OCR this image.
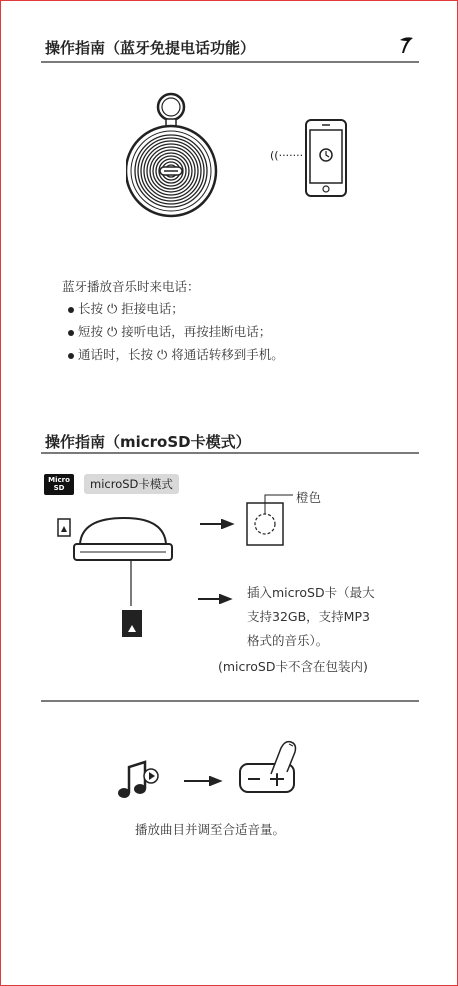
操作指南（蓝牙免提电话功能）
((·······
蓝牙播放音乐时来电话：
长按 ⏻ 拒接电话；
短按 ⏻ 接听电话，再按挂断电话；
通话时，长按 ⏻ 将通话转移到手机。
操作指南（microSD卡模式）
Micro SD	microSD卡模式
橙色
插入microSD卡（最大
支持32GB，支持MP3
格式的音乐）。
(microSD卡不含在包装内)
播放曲目并调至合适音量。
